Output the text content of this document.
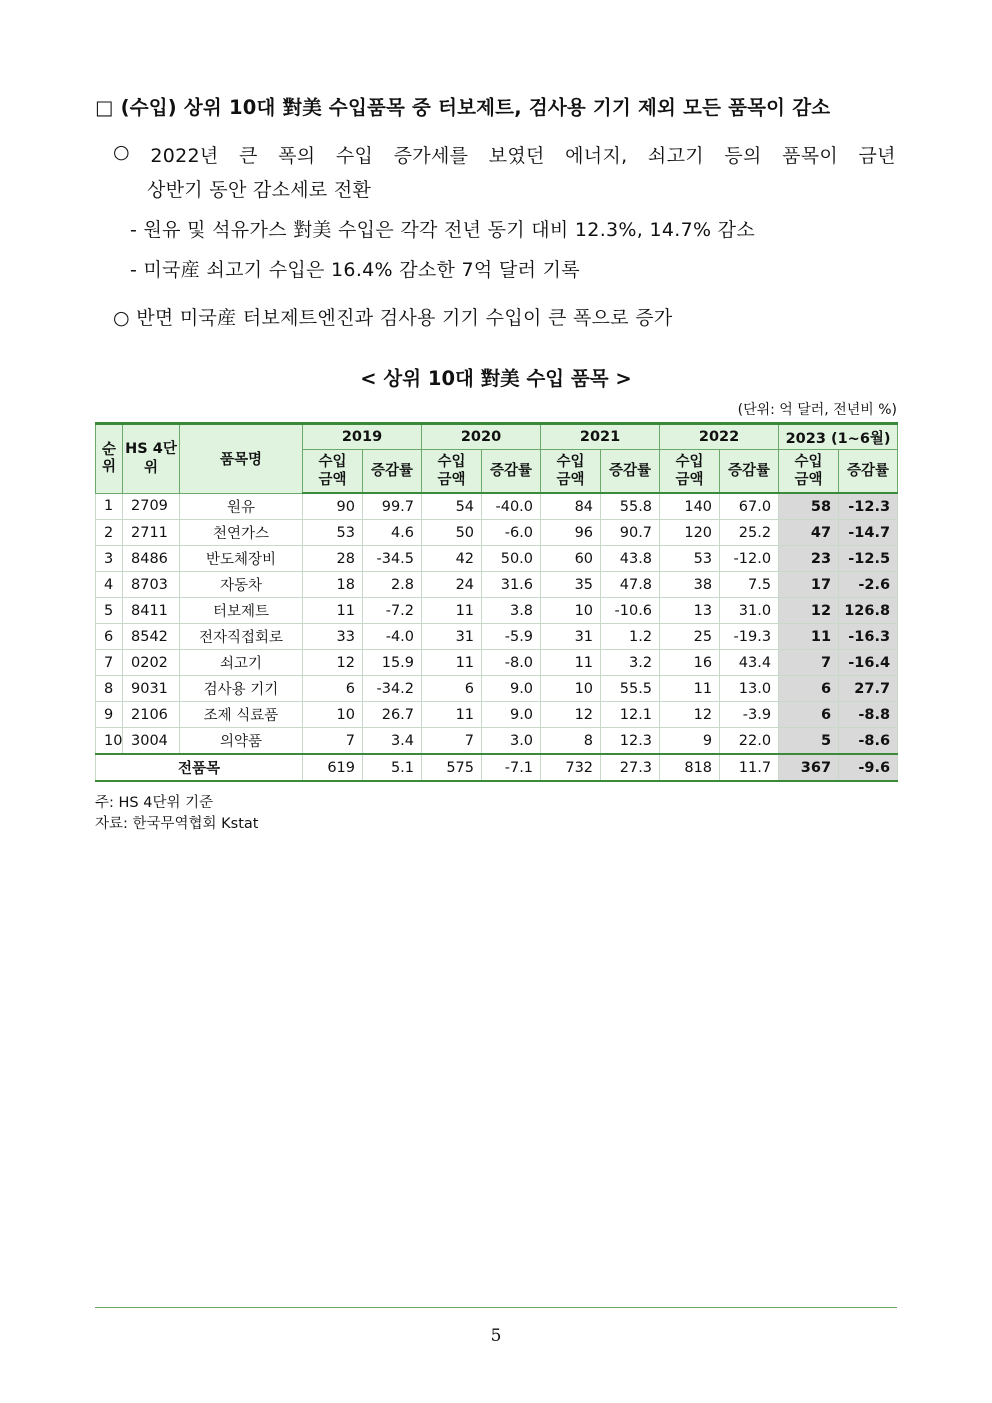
□ (수입) 상위 10대 對美 수입품목 중 터보제트, 검사용 기기 제외 모든 품목이 감소
○ 2022년 큰 폭의 수입 증가세를 보였던 에너지, 쇠고기 등의 품목이 금년
상반기 동안 감소세로 전환
- 원유 및 석유가스 對美 수입은 각각 전년 동기 대비 12.3%, 14.7% 감소
- 미국産 쇠고기 수입은 16.4% 감소한 7억 달러 기록
○ 반면 미국産 터보제트엔진과 검사용 기기 수입이 큰 폭으로 증가
< 상위 10대 對美 수입 품목 >
(단위: 억 달러, 전년비 %)
순위	HS 4단위	품목명	2019		2020		2021		2022		2023 (1~6월)	
			수입 금액	증감률	수입 금액	증감률	수입 금액	증감률	수입 금액	증감률	수입 금액	증감률
1	2709	원유	90	99.7	54	-40.0	84	55.8	140	67.0	58	-12.3
2	2711	천연가스	53	4.6	50	-6.0	96	90.7	120	25.2	47	-14.7
3	8486	반도체장비	28	-34.5	42	50.0	60	43.8	53	-12.0	23	-12.5
4	8703	자동차	18	2.8	24	31.6	35	47.8	38	7.5	17	-2.6
5	8411	터보제트	11	-7.2	11	3.8	10	-10.6	13	31.0	12	126.8
6	8542	전자직접회로	33	-4.0	31	-5.9	31	1.2	25	-19.3	11	-16.3
7	0202	쇠고기	12	15.9	11	-8.0	11	3.2	16	43.4	7	-16.4
8	9031	검사용 기기	6	-34.2	6	9.0	10	55.5	11	13.0	6	27.7
9	2106	조제 식료품	10	26.7	11	9.0	12	12.1	12	-3.9	6	-8.8
10	3004	의약품	7	3.4	7	3.0	8	12.3	9	22.0	5	-8.6
전품목			619	5.1	575	-7.1	732	27.3	818	11.7	367	-9.6
주: HS 4단위 기준
자료: 한국무역협회 Kstat
5
